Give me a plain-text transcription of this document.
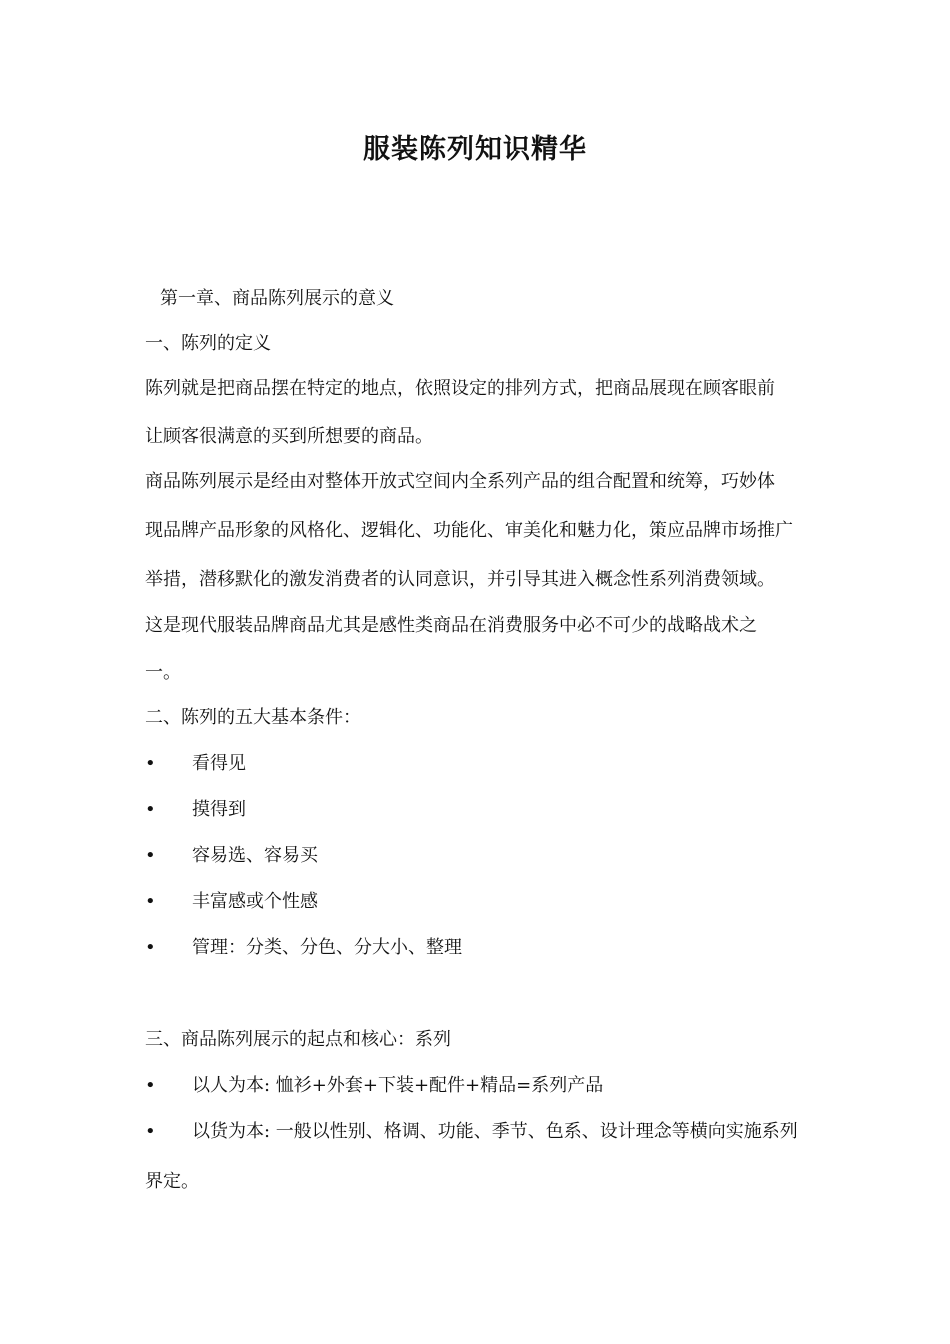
服装陈列知识精华
第一章、商品陈列展示的意义
一、陈列的定义
陈列就是把商品摆在特定的地点，依照设定的排列方式，把商品展现在顾客眼前
让顾客很满意的买到所想要的商品。
商品陈列展示是经由对整体开放式空间内全系列产品的组合配置和统筹，巧妙体
现品牌产品形象的风格化、逻辑化、功能化、审美化和魅力化，策应品牌市场推广
举措，潜移默化的激发消费者的认同意识，并引导其进入概念性系列消费领域。
这是现代服装品牌商品尤其是感性类商品在消费服务中必不可少的战略战术之
一。
二、陈列的五大基本条件：
• 看得见
• 摸得到
• 容易选、容易买
• 丰富感或个性感
• 管理：分类、分色、分大小、整理
三、商品陈列展示的起点和核心：系列
• 以人为本: 恤衫+外套+下装+配件+精品=系列产品
• 以货为本: 一般以性别、格调、功能、季节、色系、设计理念等横向实施系列
界定。
